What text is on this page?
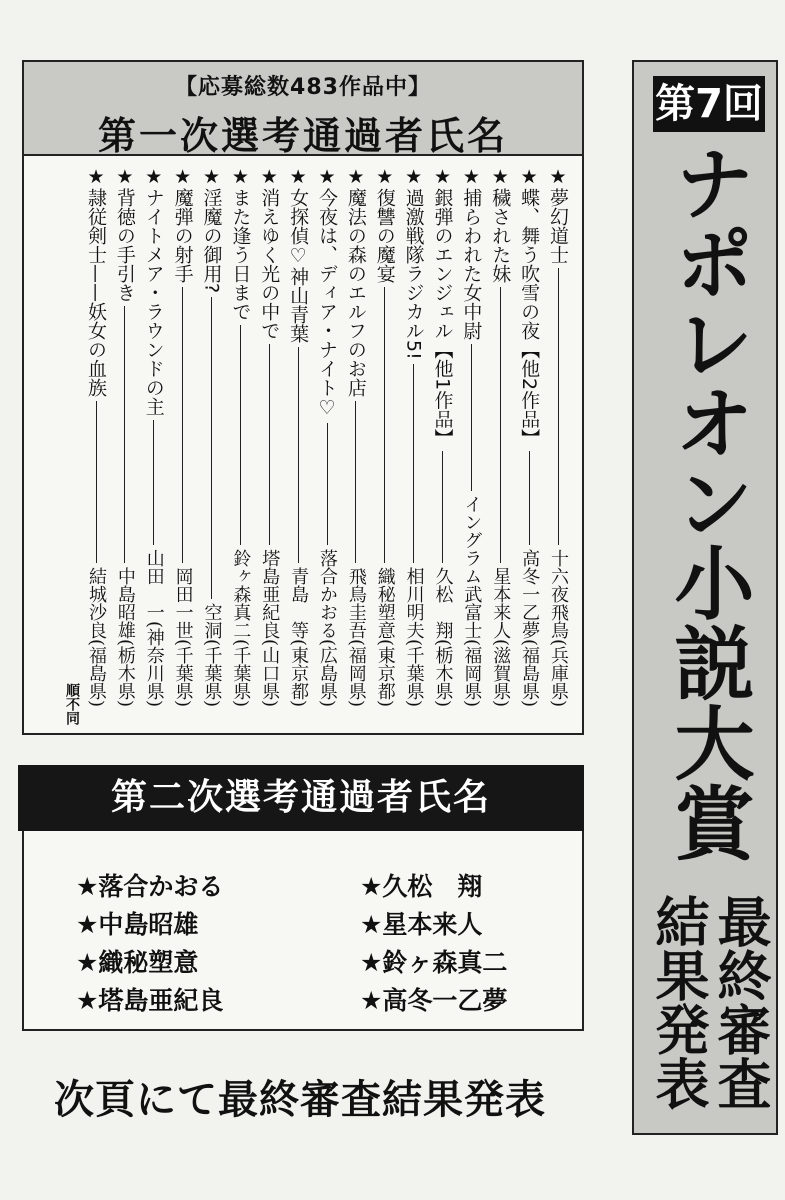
【応募総数483作品中】
第一次選考通過者氏名
★夢幻道士
十六夜飛鳥(兵庫県)
★蝶、舞う吹雪の夜【他2作品】
高冬一乙夢(福島県)
★穢された妹
星本来人(滋賀県)
★捕らわれた女中尉
イングラム武富士(福岡県)
★銀弾のエンジェル【他1作品】
久松　翔(栃木県)
★過激戦隊ラジカル5!
相川明夫(千葉県)
★復讐の魔宴
織秘塑意(東京都)
★魔法の森のエルフのお店
飛鳥圭吾(福岡県)
★今夜は、ディア・ナイト♡
落合かおる(広島県)
★女探偵♡神山青葉
青島　等(東京都)
★消えゆく光の中で
塔島亜紀良(山口県)
★また逢う日まで
鈴ヶ森真二(千葉県)
★淫魔の御用?
空洞(千葉県)
★魔弾の射手
岡田一世(千葉県)
★ナイトメア・ラウンドの主
山田　一(神奈川県)
★背徳の手引き
中島昭雄(栃木県)
★隷従剣士——妖女の血族
結城沙良(福島県)
順不同
第7回
ナポレオン小説大賞
最終審査
結果発表
第二次選考通過者氏名
★落合かおる
★中島昭雄
★織秘塑意
★塔島亜紀良
★久松　翔
★星本来人
★鈴ヶ森真二
★高冬一乙夢
次頁にて最終審査結果発表
